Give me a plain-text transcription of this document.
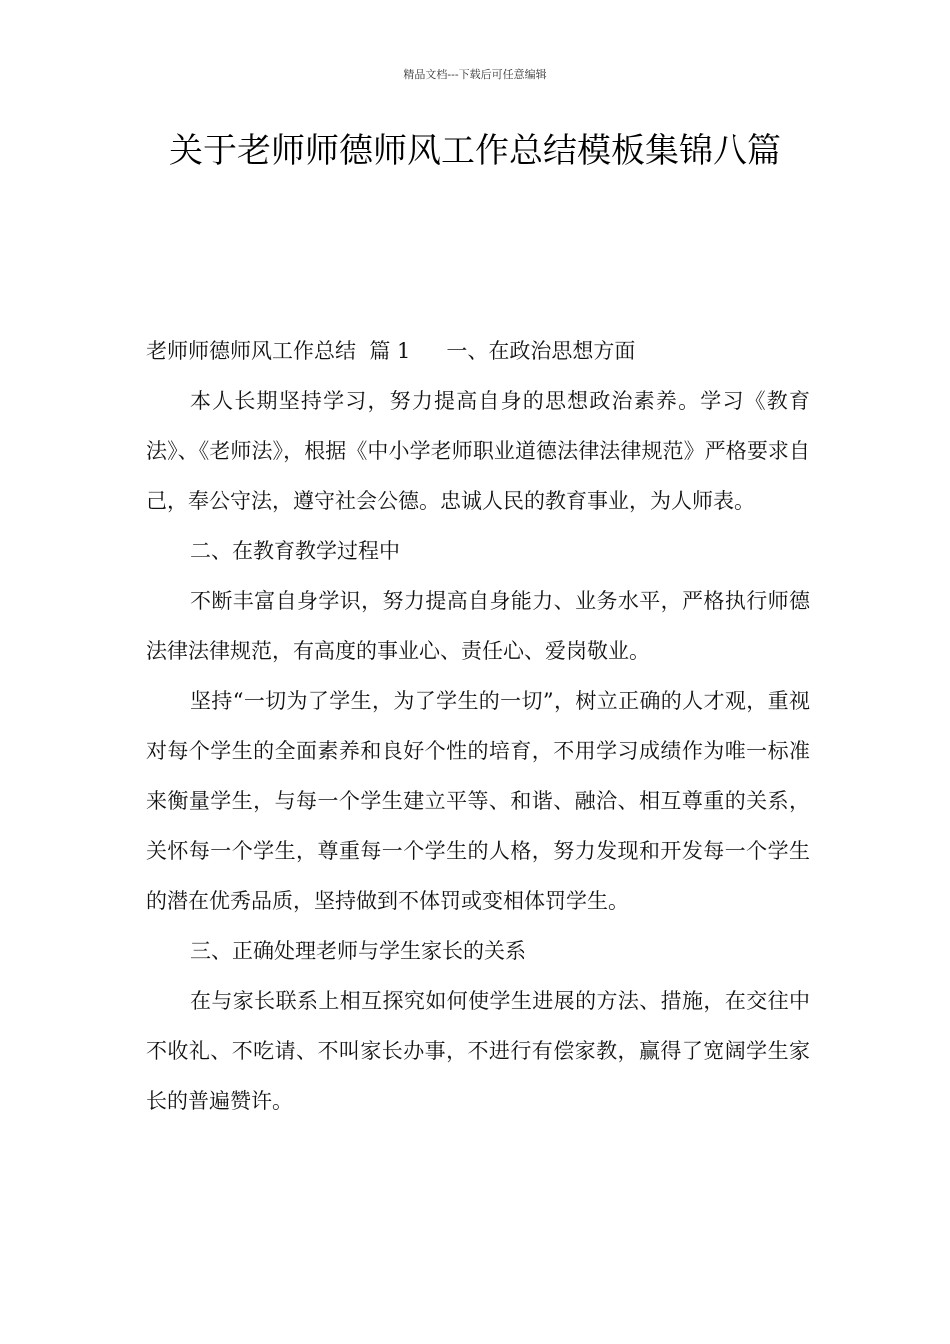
精品文档---下载后可任意编辑
关于老师师德师风工作总结模板集锦八篇

老师师德师风工作总结  篇 1 一、在政治思想方面

本人长期坚持学习，努力提高自身的思想政治素养。学习《教育法》、《老师法》，根据《中小学老师职业道德法律法律规范》严格要求自己，奉公守法，遵守社会公德。忠诚人民的教育事业，为人师表。

二、在教育教学过程中

不断丰富自身学识，努力提高自身能力、业务水平，严格执行师德法律法律规范，有高度的事业心、责任心、爱岗敬业。

坚持“一切为了学生，为了学生的一切”，树立正确的人才观，重视对每个学生的全面素养和良好个性的培育，不用学习成绩作为唯一标准来衡量学生，与每一个学生建立平等、和谐、融洽、相互尊重的关系，关怀每一个学生，尊重每一个学生的人格，努力发现和开发每一个学生的潜在优秀品质，坚持做到不体罚或变相体罚学生。

三、正确处理老师与学生家长的关系

在与家长联系上相互探究如何使学生进展的方法、措施，在交往中不收礼、不吃请、不叫家长办事，不进行有偿家教，赢得了宽阔学生家长的普遍赞许。
